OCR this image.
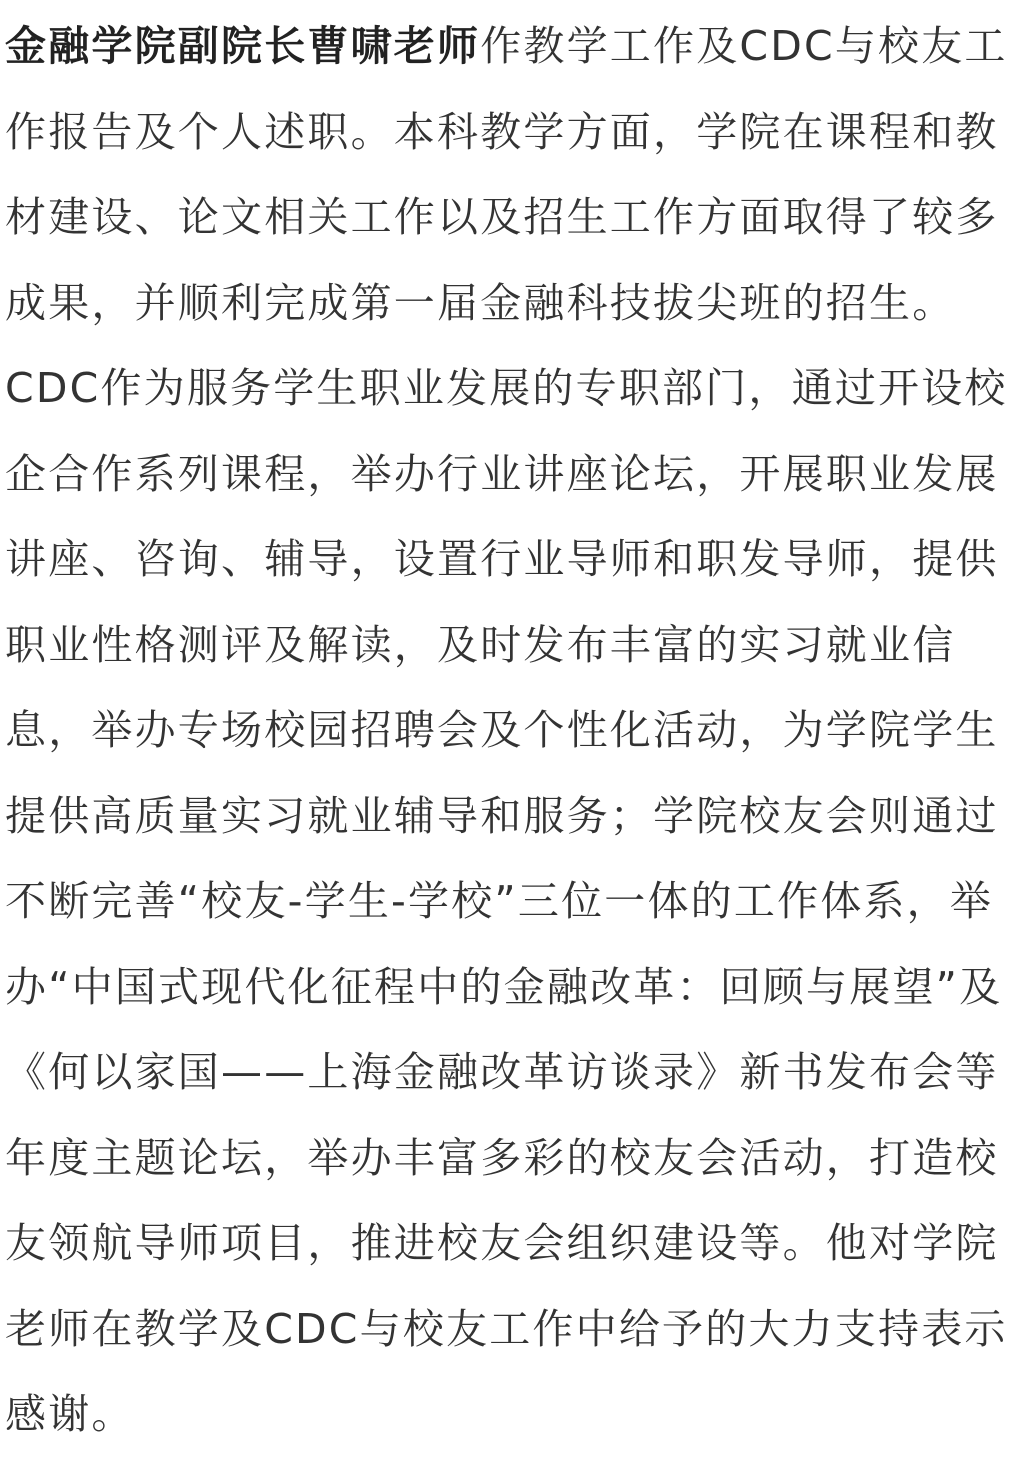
金融学院副院长曹啸老师作教学工作及CDC与校友工
作报告及个人述职。本科教学方面，学院在课程和教
材建设、论文相关工作以及招生工作方面取得了较多
成果，并顺利完成第一届金融科技拔尖班的招生。
CDC作为服务学生职业发展的专职部门，通过开设校
企合作系列课程，举办行业讲座论坛，开展职业发展
讲座、咨询、辅导，设置行业导师和职发导师，提供
职业性格测评及解读，及时发布丰富的实习就业信
息，举办专场校园招聘会及个性化活动，为学院学生
提供高质量实习就业辅导和服务；学院校友会则通过
不断完善“校友-学生-学校”三位一体的工作体系，举
办“中国式现代化征程中的金融改革：回顾与展望”及
《何以家国——上海金融改革访谈录》新书发布会等
年度主题论坛，举办丰富多彩的校友会活动，打造校
友领航导师项目，推进校友会组织建设等。他对学院
老师在教学及CDC与校友工作中给予的大力支持表示
感谢。
